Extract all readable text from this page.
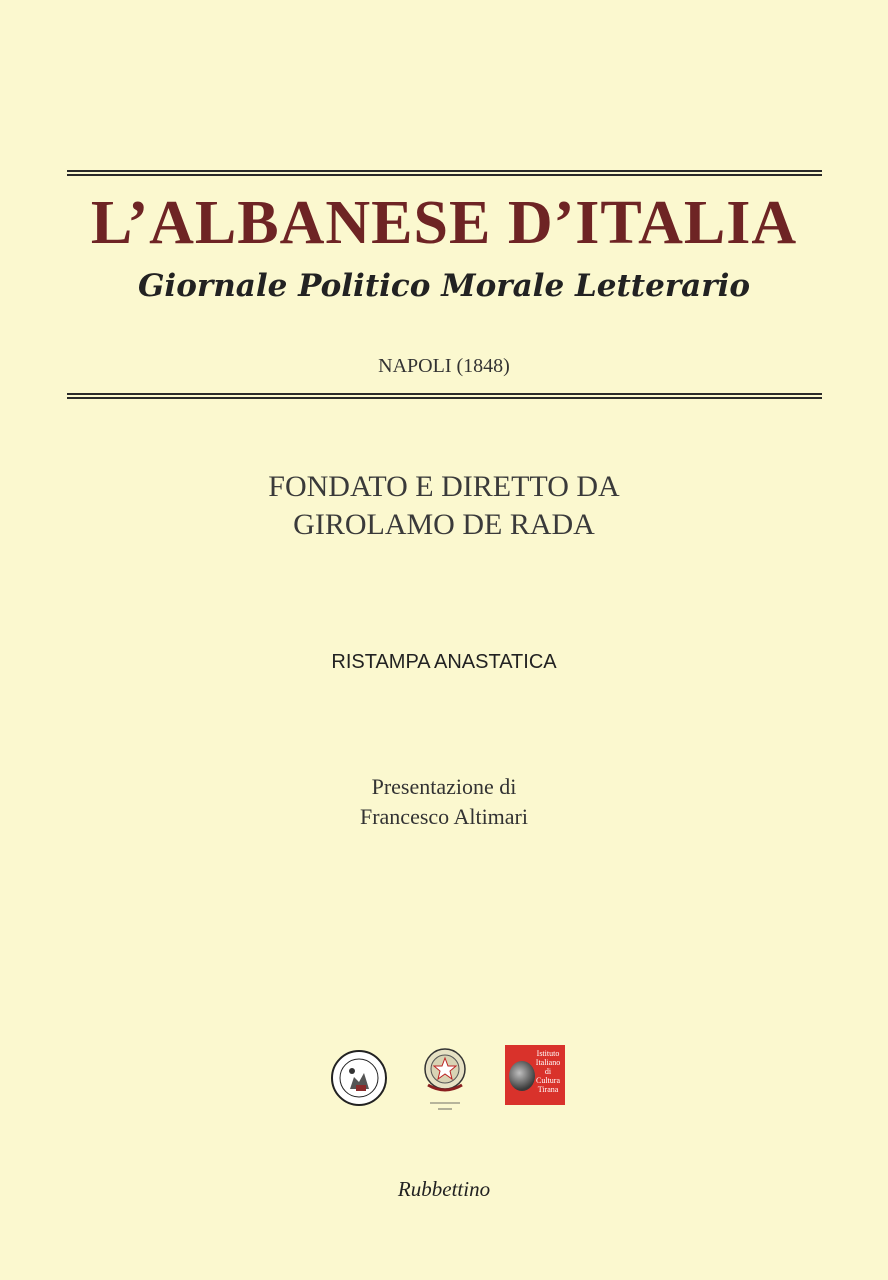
L’ALBANESE D’ITALIA
Giornale Politico Morale Letterario
NAPOLI (1848)
FONDATO E DIRETTO DA
GIROLAMO DE RADA
RISTAMPA ANASTATICA
Presentazione di
Francesco Altimari
Istituto
Italiano
di
Cultura
Tirana
Rubbettino
